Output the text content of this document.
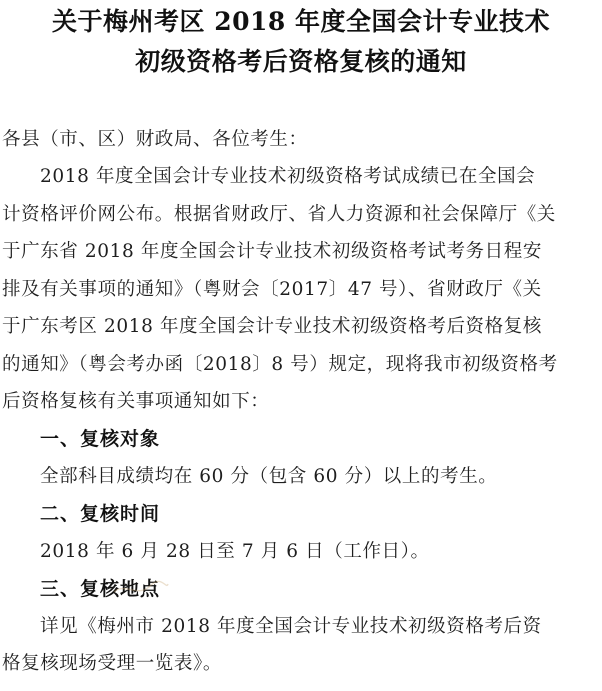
关于梅州考区 2018 年度全国会计专业技术
初级资格考后资格复核的通知
各县（市、区）财政局、各位考生：
2018 年度全国会计专业技术初级资格考试成绩已在全国会
计资格评价网公布。根据省财政厅、省人力资源和社会保障厅《关
于广东省 2018 年度全国会计专业技术初级资格考试考务日程安
排及有关事项的通知》（粤财会〔2017〕47 号）、省财政厅《关
于广东考区 2018 年度全国会计专业技术初级资格考后资格复核
的通知》（粤会考办函〔2018〕8 号）规定，现将我市初级资格考
后资格复核有关事项通知如下：
一、复核对象
全部科目成绩均在 60 分（包含 60 分）以上的考生。
二、复核时间
2018 年 6 月 28 日至 7 月 6 日（工作日）。
三、复核地点
详见《梅州市 2018 年度全国会计专业技术初级资格考后资
格复核现场受理一览表》。
